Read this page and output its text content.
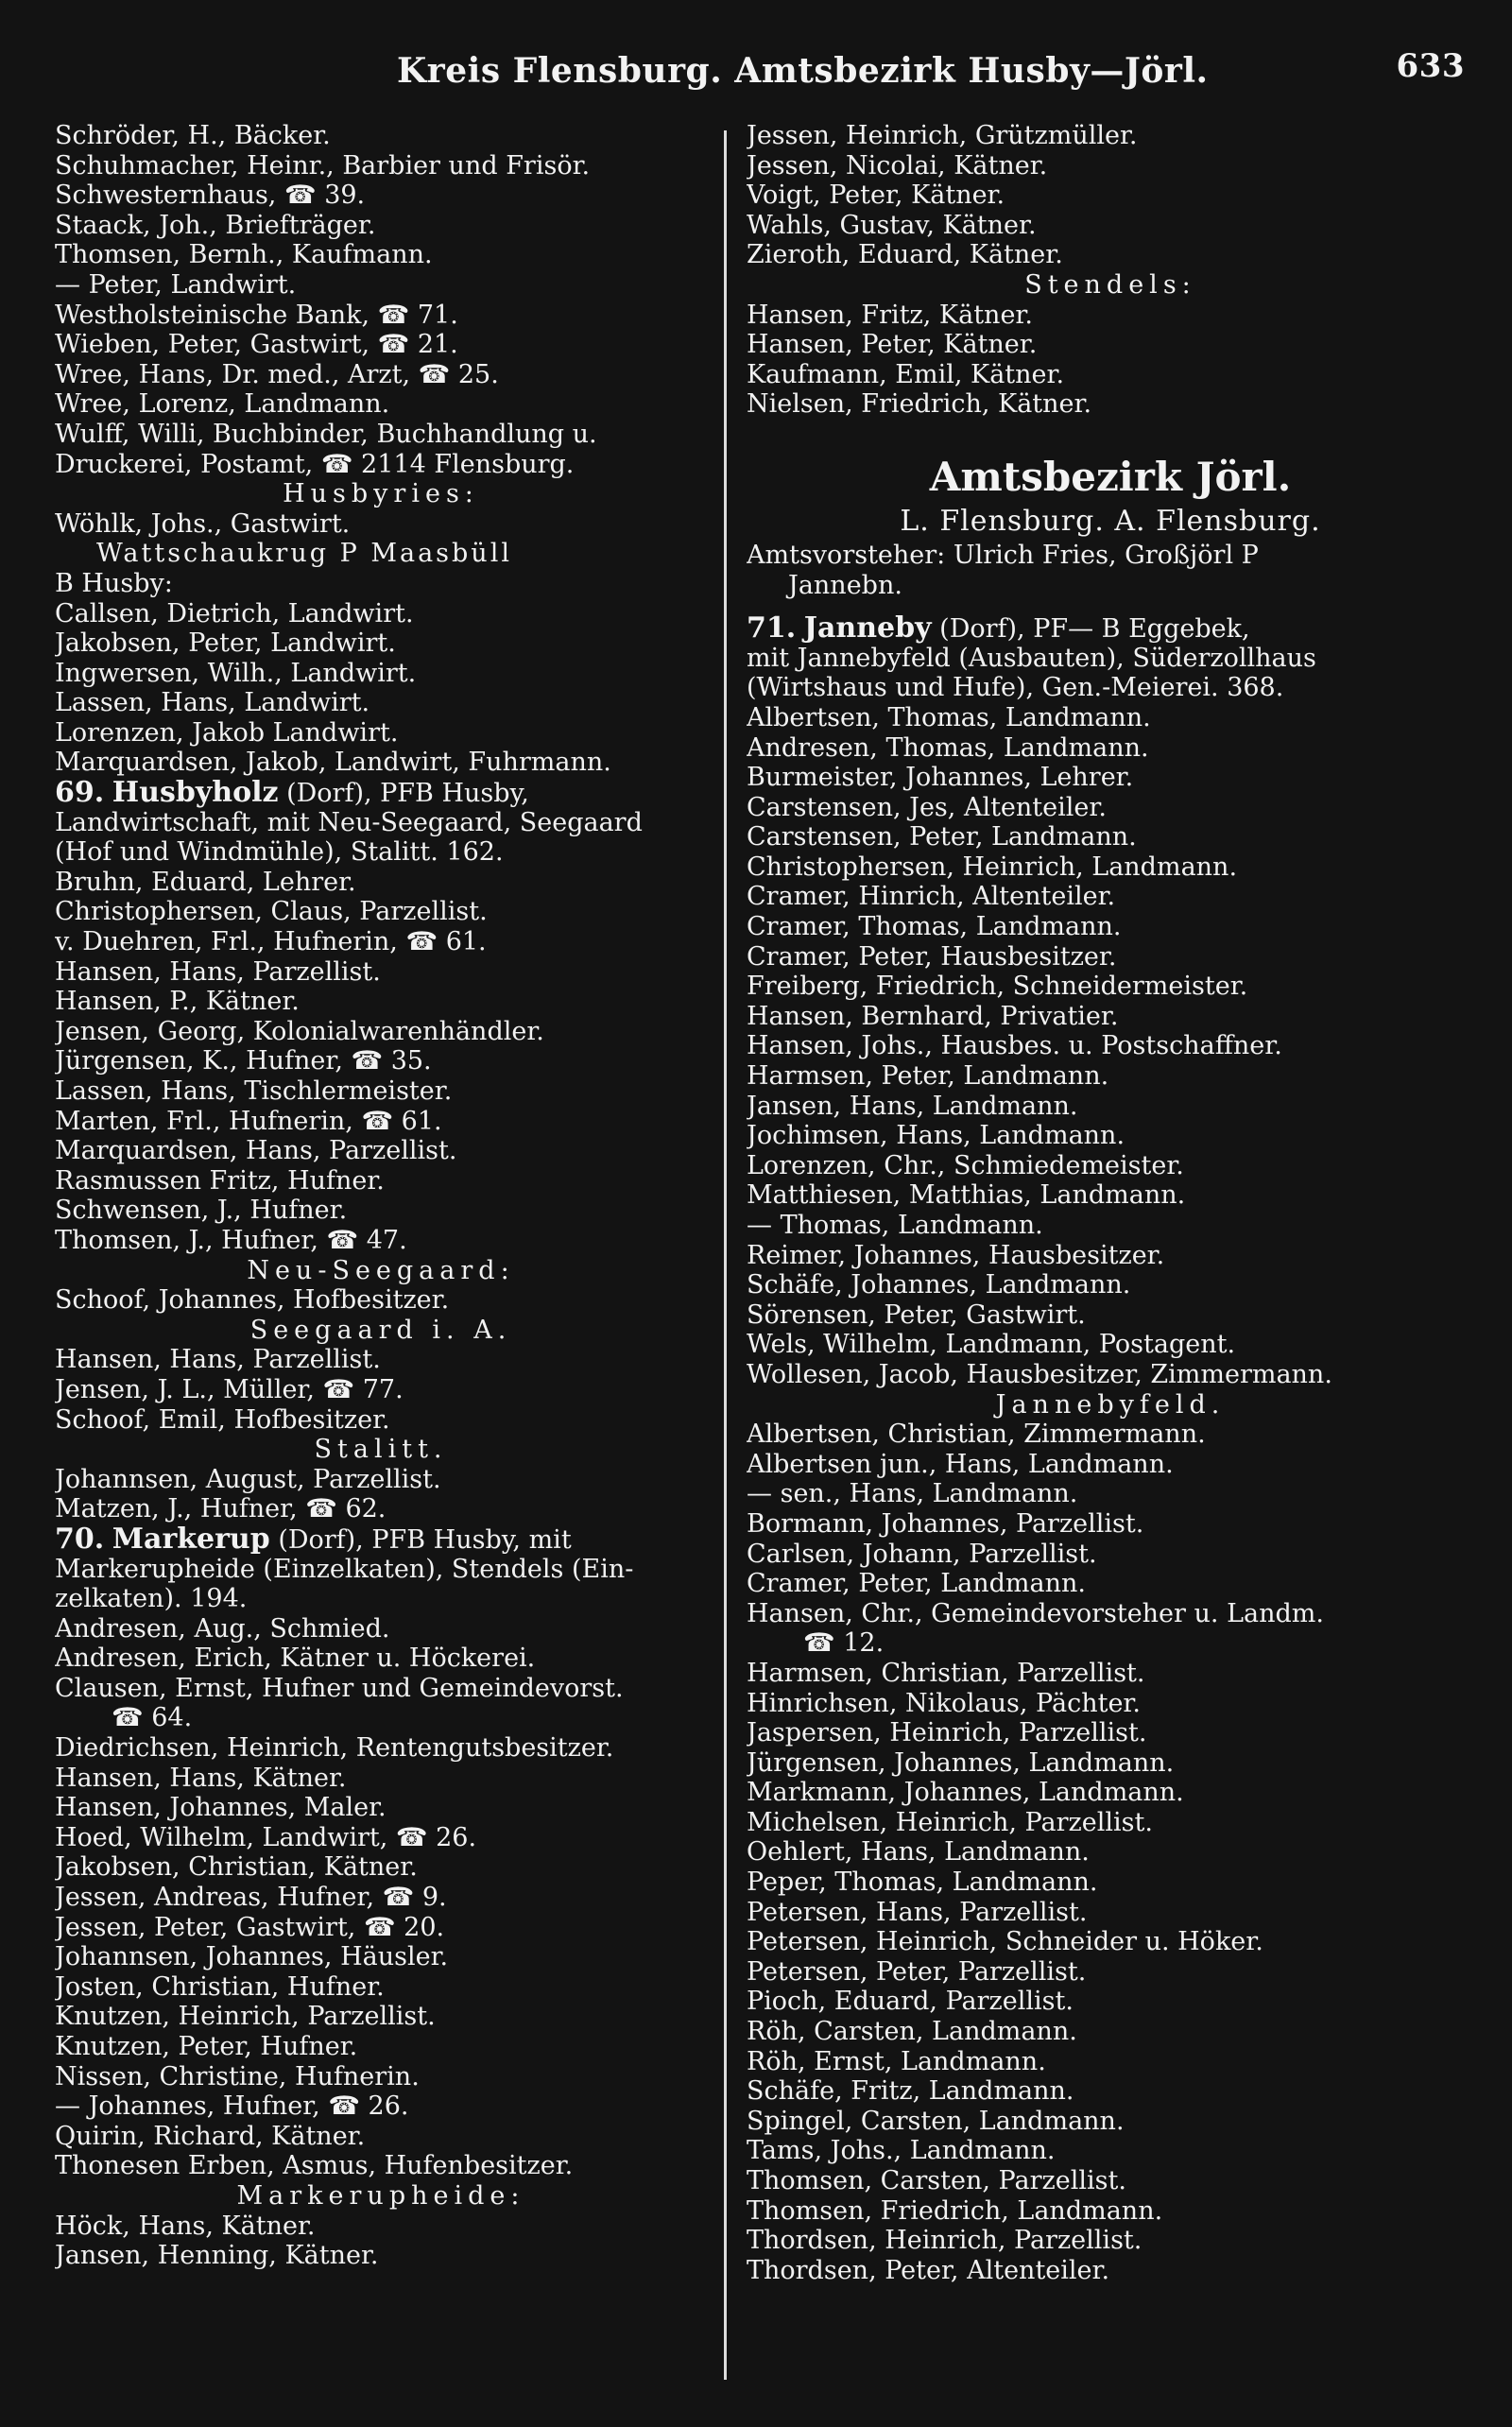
Kreis Flensburg. Amtsbezirk Husby—Jörl.	633
Schröder, H., Bäcker.
Schuhmacher, Heinr., Barbier und Frisör.
Schwesternhaus, ☎ 39.
Staack, Joh., Briefträger.
Thomsen, Bernh., Kaufmann.
— Peter, Landwirt.
Westholsteinische Bank, ☎ 71.
Wieben, Peter, Gastwirt, ☎ 21.
Wree, Hans, Dr. med., Arzt, ☎ 25.
Wree, Lorenz, Landmann.
Wulff, Willi, Buchbinder, Buchhandlung u.
Druckerei, Postamt, ☎ 2114 Flensburg.
Husbyries:
Wöhlk, Johs., Gastwirt.
Wattschaukrug P Maasbüll
B Husby:
Callsen, Dietrich, Landwirt.
Jakobsen, Peter, Landwirt.
Ingwersen, Wilh., Landwirt.
Lassen, Hans, Landwirt.
Lorenzen, Jakob Landwirt.
Marquardsen, Jakob, Landwirt, Fuhrmann.
69. Husbyholz (Dorf), PFB Husby,
Landwirtschaft, mit Neu-Seegaard, Seegaard
(Hof und Windmühle), Stalitt. 162.
Bruhn, Eduard, Lehrer.
Christophersen, Claus, Parzellist.
v. Duehren, Frl., Hufnerin, ☎ 61.
Hansen, Hans, Parzellist.
Hansen, P., Kätner.
Jensen, Georg, Kolonialwarenhändler.
Jürgensen, K., Hufner, ☎ 35.
Lassen, Hans, Tischlermeister.
Marten, Frl., Hufnerin, ☎ 61.
Marquardsen, Hans, Parzellist.
Rasmussen Fritz, Hufner.
Schwensen, J., Hufner.
Thomsen, J., Hufner, ☎ 47.
Neu-Seegaard:
Schoof, Johannes, Hofbesitzer.
Seegaard i. A.
Hansen, Hans, Parzellist.
Jensen, J. L., Müller, ☎ 77.
Schoof, Emil, Hofbesitzer.
Stalitt.
Johannsen, August, Parzellist.
Matzen, J., Hufner, ☎ 62.
70. Markerup (Dorf), PFB Husby, mit
Markerupheide (Einzelkaten), Stendels (Ein-
zelkaten). 194.
Andresen, Aug., Schmied.
Andresen, Erich, Kätner u. Höckerei.
Clausen, Ernst, Hufner und Gemeindevorst.
☎ 64.
Diedrichsen, Heinrich, Rentengutsbesitzer.
Hansen, Hans, Kätner.
Hansen, Johannes, Maler.
Hoed, Wilhelm, Landwirt, ☎ 26.
Jakobsen, Christian, Kätner.
Jessen, Andreas, Hufner, ☎ 9.
Jessen, Peter, Gastwirt, ☎ 20.
Johannsen, Johannes, Häusler.
Josten, Christian, Hufner.
Knutzen, Heinrich, Parzellist.
Knutzen, Peter, Hufner.
Nissen, Christine, Hufnerin.
— Johannes, Hufner, ☎ 26.
Quirin, Richard, Kätner.
Thonesen Erben, Asmus, Hufenbesitzer.
Markerupheide:
Höck, Hans, Kätner.
Jansen, Henning, Kätner.
Jessen, Heinrich, Grützmüller.
Jessen, Nicolai, Kätner.
Voigt, Peter, Kätner.
Wahls, Gustav, Kätner.
Zieroth, Eduard, Kätner.
Stendels:
Hansen, Fritz, Kätner.
Hansen, Peter, Kätner.
Kaufmann, Emil, Kätner.
Nielsen, Friedrich, Kätner.
Amtsbezirk Jörl.
L. Flensburg. A. Flensburg.
Amtsvorsteher: Ulrich Fries, Großjörl P
Jannebn.
71. Janneby (Dorf), PF— B Eggebek,
mit Jannebyfeld (Ausbauten), Süderzollhaus
(Wirtshaus und Hufe), Gen.-Meierei. 368.
Albertsen, Thomas, Landmann.
Andresen, Thomas, Landmann.
Burmeister, Johannes, Lehrer.
Carstensen, Jes, Altenteiler.
Carstensen, Peter, Landmann.
Christophersen, Heinrich, Landmann.
Cramer, Hinrich, Altenteiler.
Cramer, Thomas, Landmann.
Cramer, Peter, Hausbesitzer.
Freiberg, Friedrich, Schneidermeister.
Hansen, Bernhard, Privatier.
Hansen, Johs., Hausbes. u. Postschaffner.
Harmsen, Peter, Landmann.
Jansen, Hans, Landmann.
Jochimsen, Hans, Landmann.
Lorenzen, Chr., Schmiedemeister.
Matthiesen, Matthias, Landmann.
— Thomas, Landmann.
Reimer, Johannes, Hausbesitzer.
Schäfe, Johannes, Landmann.
Sörensen, Peter, Gastwirt.
Wels, Wilhelm, Landmann, Postagent.
Wollesen, Jacob, Hausbesitzer, Zimmermann.
Jannebyfeld.
Albertsen, Christian, Zimmermann.
Albertsen jun., Hans, Landmann.
— sen., Hans, Landmann.
Bormann, Johannes, Parzellist.
Carlsen, Johann, Parzellist.
Cramer, Peter, Landmann.
Hansen, Chr., Gemeindevorsteher u. Landm.
☎ 12.
Harmsen, Christian, Parzellist.
Hinrichsen, Nikolaus, Pächter.
Jaspersen, Heinrich, Parzellist.
Jürgensen, Johannes, Landmann.
Markmann, Johannes, Landmann.
Michelsen, Heinrich, Parzellist.
Oehlert, Hans, Landmann.
Peper, Thomas, Landmann.
Petersen, Hans, Parzellist.
Petersen, Heinrich, Schneider u. Höker.
Petersen, Peter, Parzellist.
Pioch, Eduard, Parzellist.
Röh, Carsten, Landmann.
Röh, Ernst, Landmann.
Schäfe, Fritz, Landmann.
Spingel, Carsten, Landmann.
Tams, Johs., Landmann.
Thomsen, Carsten, Parzellist.
Thomsen, Friedrich, Landmann.
Thordsen, Heinrich, Parzellist.
Thordsen, Peter, Altenteiler.
